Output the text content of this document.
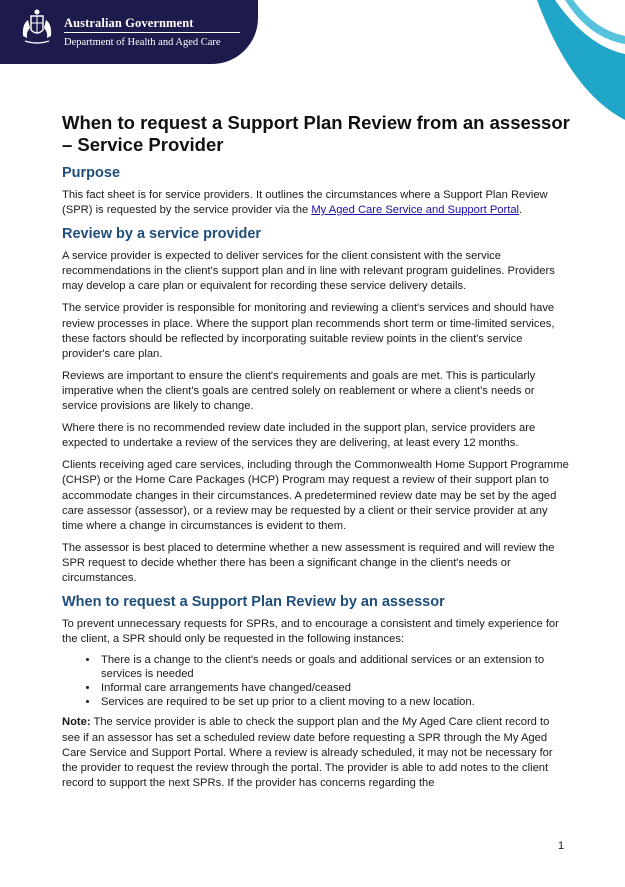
Australian Government
Department of Health and Aged Care
When to request a Support Plan Review from an assessor – Service Provider
Purpose

This fact sheet is for service providers. It outlines the circumstances where a Support Plan Review (SPR) is requested by the service provider via the My Aged Care Service and Support Portal.

Review by a service provider

A service provider is expected to deliver services for the client consistent with the service recommendations in the client's support plan and in line with relevant program guidelines. Providers may develop a care plan or equivalent for recording these service delivery details.

The service provider is responsible for monitoring and reviewing a client's services and should have review processes in place. Where the support plan recommends short term or time-limited services, these factors should be reflected by incorporating suitable review points in the client's service provider's care plan.

Reviews are important to ensure the client's requirements and goals are met. This is particularly imperative when the client's goals are centred solely on reablement or where a client's needs or service provisions are likely to change.

Where there is no recommended review date included in the support plan, service providers are expected to undertake a review of the services they are delivering, at least every 12 months.

Clients receiving aged care services, including through the Commonwealth Home Support Programme (CHSP) or the Home Care Packages (HCP) Program may request a review of their support plan to accommodate changes in their circumstances. A predetermined review date may be set by the aged care assessor (assessor), or a review may be requested by a client or their service provider at any time where a change in circumstances is evident to them.

The assessor is best placed to determine whether a new assessment is required and will review the SPR request to decide whether there has been a significant change in the client's needs or circumstances.

When to request a Support Plan Review by an assessor

To prevent unnecessary requests for SPRs, and to encourage a consistent and timely experience for the client, a SPR should only be requested in the following instances:

• There is a change to the client's needs or goals and additional services or an extension to services is needed
• Informal care arrangements have changed/ceased
• Services are required to be set up prior to a client moving to a new location.

Note: The service provider is able to check the support plan and the My Aged Care client record to see if an assessor has set a scheduled review date before requesting a SPR through the My Aged Care Service and Support Portal. Where a review is already scheduled, it may not be necessary for the provider to request the review through the portal. The provider is able to add notes to the client record to support the next SPRs. If the provider has concerns regarding the

1
